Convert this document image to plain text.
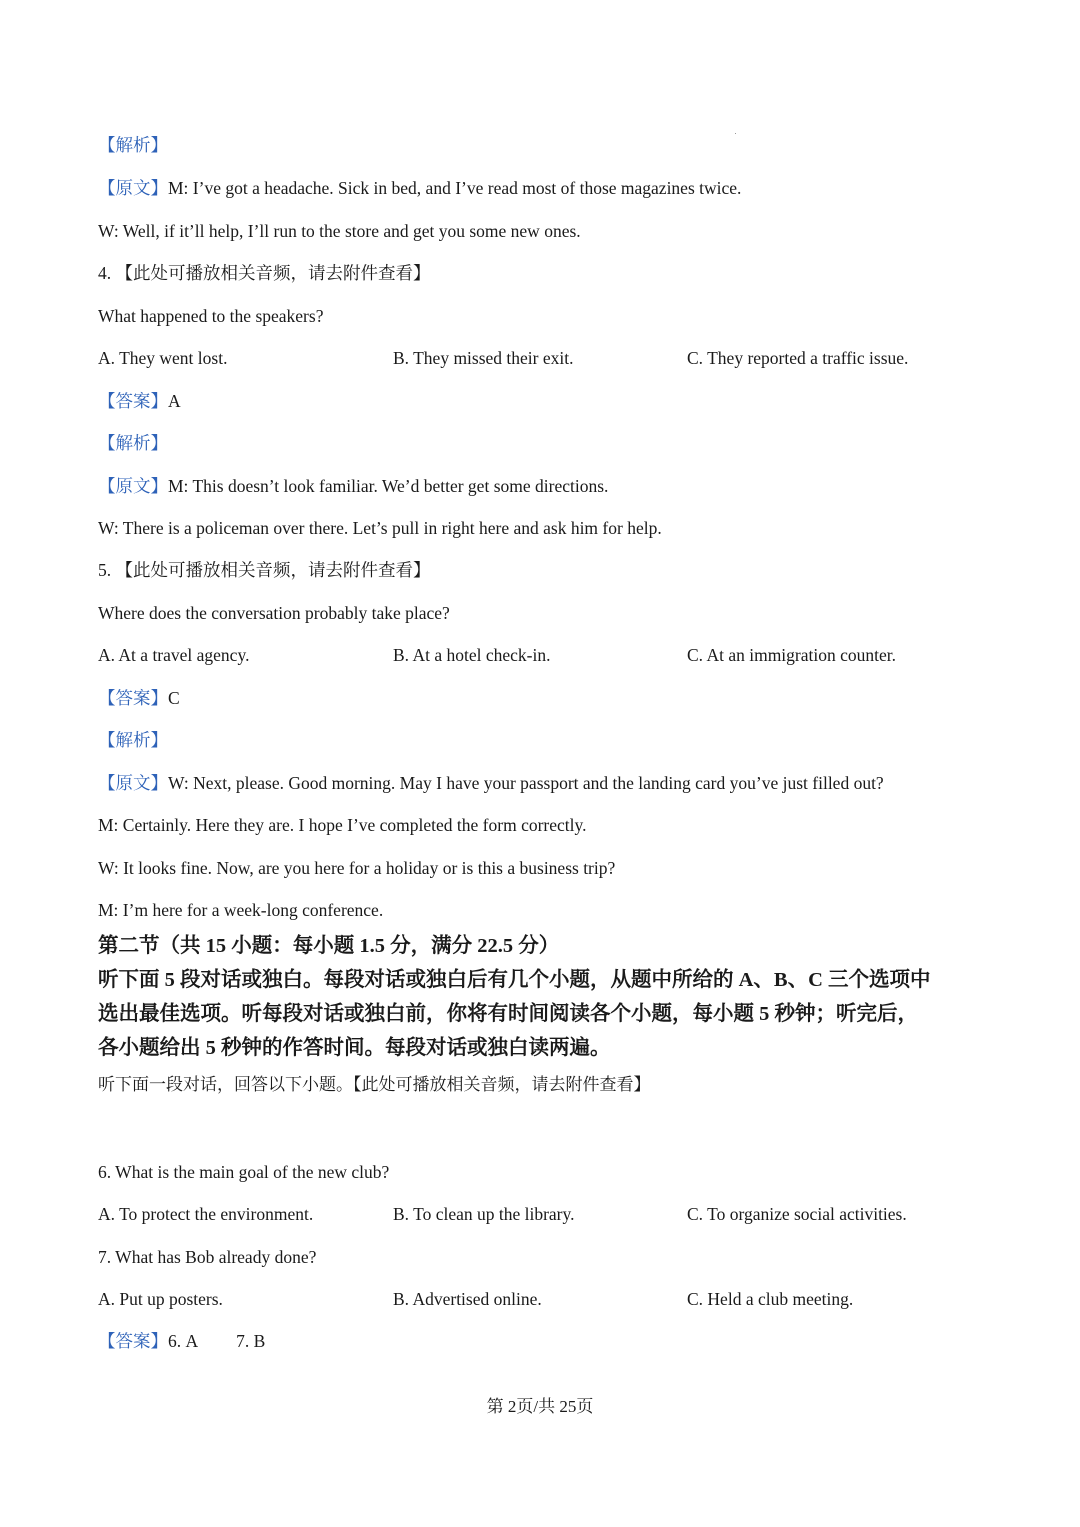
【解析】
【原文】M: I’ve got a headache. Sick in bed, and I’ve read most of those magazines twice.
W: Well, if it’ll help, I’ll run to the store and get you some new ones.
4. 【此处可播放相关音频，请去附件查看】
What happened to the speakers?
A. They went lost.	B. They missed their exit.	C. They reported a traffic issue.
【答案】A
【解析】
【原文】M: This doesn’t look familiar. We’d better get some directions.
W: There is a policeman over there. Let’s pull in right here and ask him for help.
5. 【此处可播放相关音频，请去附件查看】
Where does the conversation probably take place?
A. At a travel agency.	B. At a hotel check-in.	C. At an immigration counter.
【答案】C
【解析】
【原文】W: Next, please. Good morning. May I have your passport and the landing card you’ve just filled out?
M: Certainly. Here they are. I hope I’ve completed the form correctly.
W: It looks fine. Now, are you here for a holiday or is this a business trip?
M: I’m here for a week-long conference.
第二节（共 15 小题：每小题 1.5 分，满分 22.5 分）
听下面 5 段对话或独白。每段对话或独白后有几个小题，从题中所给的 A、B、C 三个选项中
选出最佳选项。听每段对话或独白前，你将有时间阅读各个小题，每小题 5 秒钟；听完后，
各小题给出 5 秒钟的作答时间。每段对话或独白读两遍。
听下面一段对话，回答以下小题。【此处可播放相关音频，请去附件查看】
6. What is the main goal of the new club?
A. To protect the environment.	B. To clean up the library.	C. To organize social activities.
7. What has Bob already done?
A. Put up posters.	B. Advertised online.	C. Held a club meeting.
【答案】6. A 7. B
第 2页/共 25页
